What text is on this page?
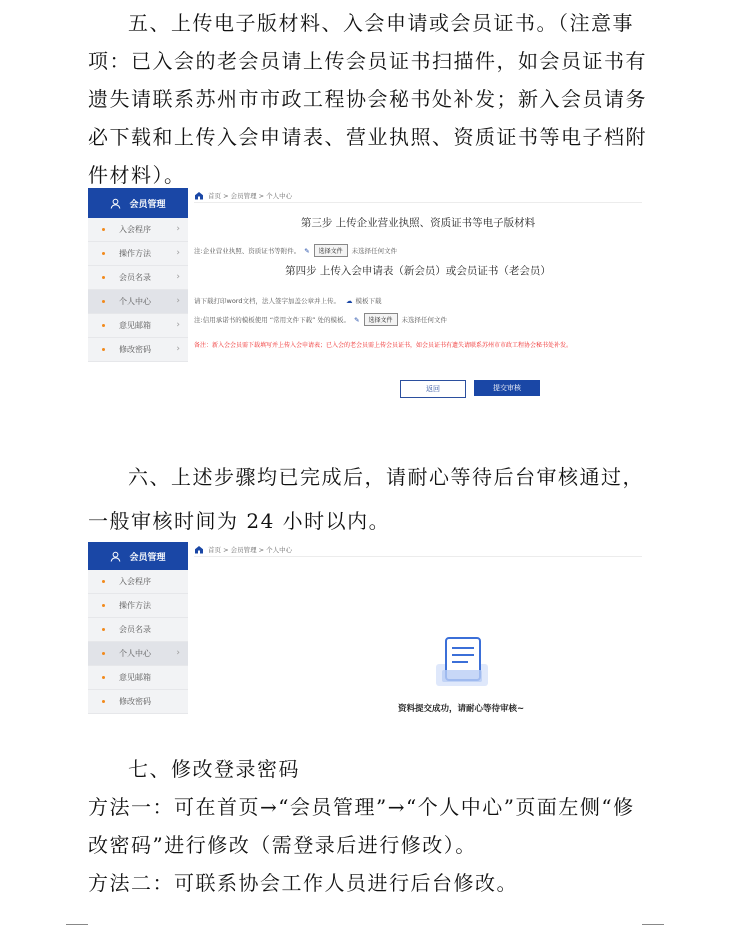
五、上传电子版材料、入会申请或会员证书。（注意事项：已入会的老会员请上传会员证书扫描件，如会员证书有遗失请联系苏州市市政工程协会秘书处补发；新入会员请务必下载和上传入会申请表、营业执照、资质证书等电子档附件材料）。

会员管理
入会程序	›
操作方法	›
会员名录	›
个人中心	›
意见邮箱	›
修改密码	›
首页 > 会员管理 > 个人中心
第三步 上传企业营业执照、资质证书等电子版材料
注:企业营业执照、资质证书等附件。 ✎	选择文件	未选择任何文件
第四步 上传入会申请表（新会员）或会员证书（老会员）
请下载打印word文档，法人签字加盖公章并上传。 ☁ 模板下载
注:信用承诺书的模板使用 “常用文件下载” 处的模板。 ✎	选择文件	未选择任何文件
备注：新入会会员需下载填写并上传入会申请表；已入会的老会员需上传会员证书，如会员证书有遗失请联系苏州市市政工程协会秘书处补发。
返回	提交审核

六、上述步骤均已完成后，请耐心等待后台审核通过，一般审核时间为 24 小时以内。

会员管理
入会程序
操作方法
会员名录
个人中心	›
意见邮箱
修改密码
首页 > 会员管理 > 个人中心
资料提交成功，请耐心等待审核~

七、修改登录密码

方法一：可在首页→“会员管理”→“个人中心”页面左侧“修改密码”进行修改（需登录后进行修改）。

方法二：可联系协会工作人员进行后台修改。
